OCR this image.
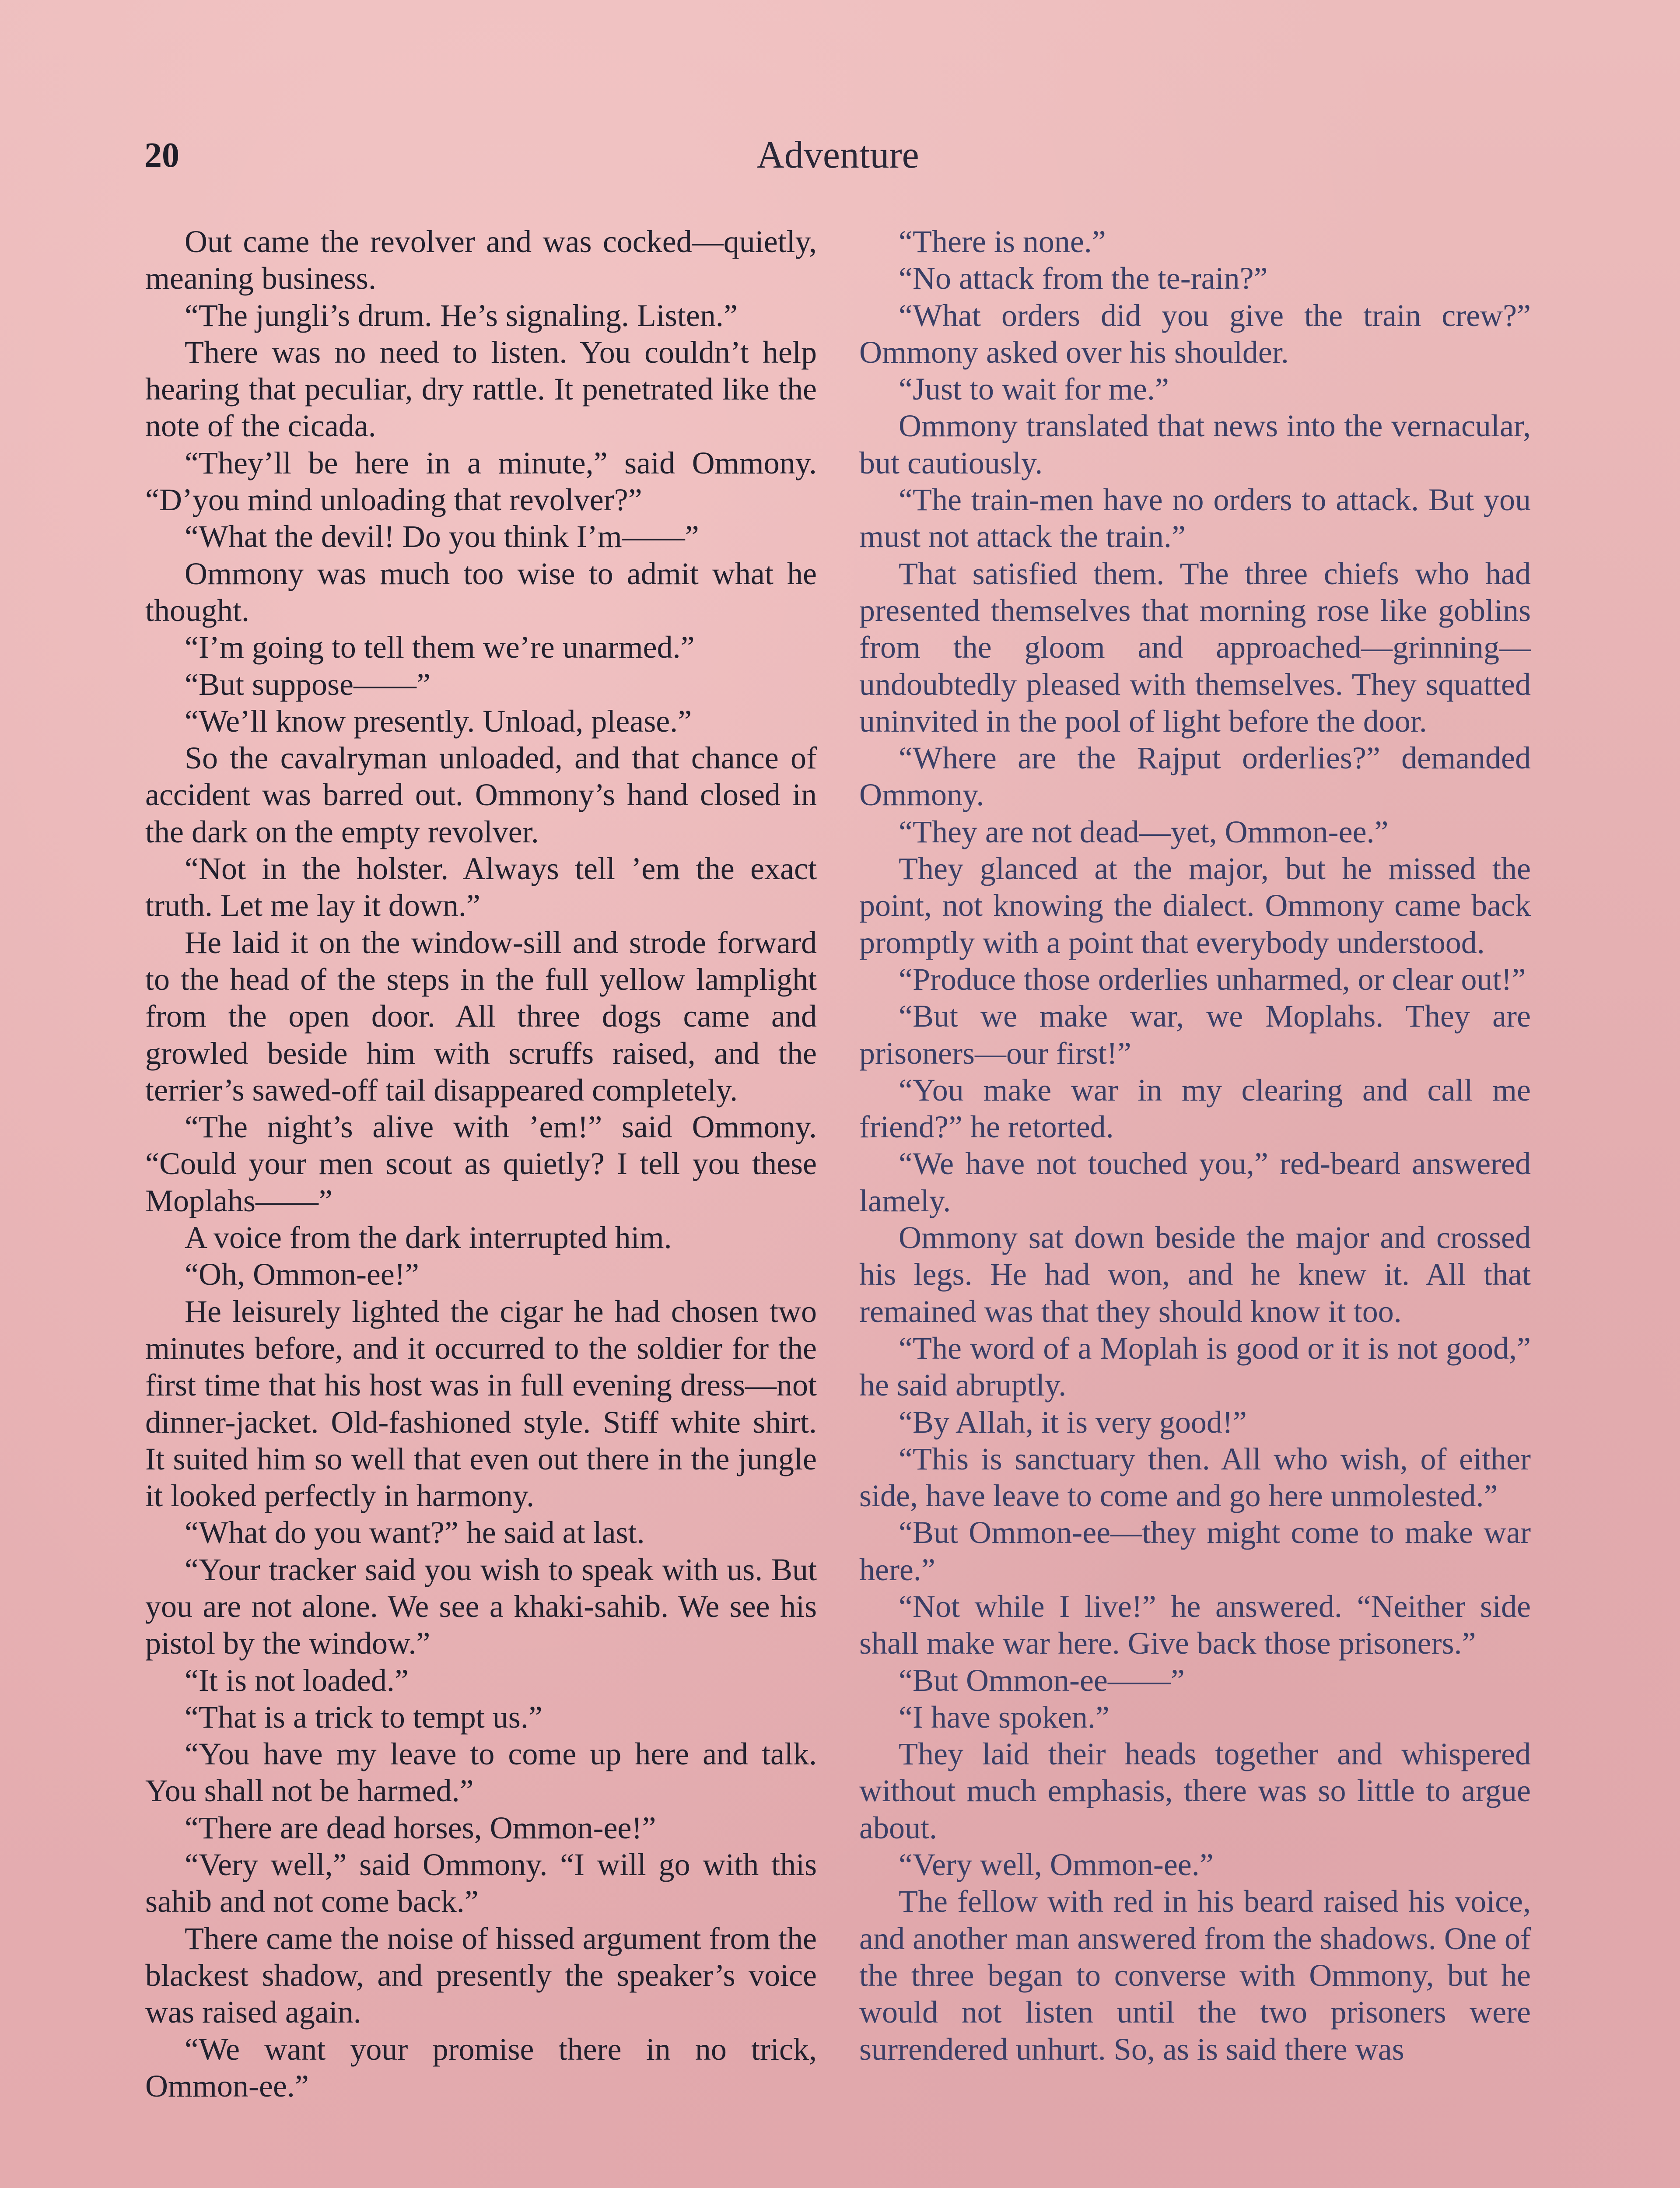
20	Adventure

Out came the revolver and was cocked—quietly, meaning business.

“The jungli’s drum. He’s signaling. Listen.”

There was no need to listen. You couldn’t help hearing that peculiar, dry rattle. It penetrated like the note of the cicada.

“They’ll be here in a minute,” said Ommony. “D’you mind unloading that revolver?”

“What the devil! Do you think I’m——”

Ommony was much too wise to admit what he thought.

“I’m going to tell them we’re unarmed.”

“But suppose——”

“We’ll know presently. Unload, please.”

So the cavalryman unloaded, and that chance of accident was barred out. Ommony’s hand closed in the dark on the empty revolver.

“Not in the holster. Always tell ’em the exact truth. Let me lay it down.”

He laid it on the window-sill and strode forward to the head of the steps in the full yellow lamplight from the open door. All three dogs came and growled beside him with scruffs raised, and the terrier’s sawed-off tail disappeared completely.

“The night’s alive with ’em!” said Ommony. “Could your men scout as quietly? I tell you these Moplahs——”

A voice from the dark interrupted him.

“Oh, Ommon-ee!”

He leisurely lighted the cigar he had chosen two minutes before, and it occurred to the soldier for the first time that his host was in full evening dress—not dinner-jacket. Old-fashioned style. Stiff white shirt. It suited him so well that even out there in the jungle it looked perfectly in harmony.

“What do you want?” he said at last.

“Your tracker said you wish to speak with us. But you are not alone. We see a khaki-sahib. We see his pistol by the window.”

“It is not loaded.”

“That is a trick to tempt us.”

“You have my leave to come up here and talk. You shall not be harmed.”

“There are dead horses, Ommon-ee!”

“Very well,” said Ommony. “I will go with this sahib and not come back.”

There came the noise of hissed argument from the blackest shadow, and presently the speaker’s voice was raised again.

“We want your promise there in no trick, Ommon-ee.”

“There is none.”

“No attack from the te-rain?”

“What orders did you give the train crew?” Ommony asked over his shoulder.

“Just to wait for me.”

Ommony translated that news into the vernacular, but cautiously.

“The train-men have no orders to attack. But you must not attack the train.”

That satisfied them. The three chiefs who had presented themselves that morning rose like goblins from the gloom and approached—grinning—undoubtedly pleased with themselves. They squatted uninvited in the pool of light before the door.

“Where are the Rajput orderlies?” demanded Ommony.

“They are not dead—yet, Ommon-ee.”

They glanced at the major, but he missed the point, not knowing the dialect. Ommony came back promptly with a point that everybody understood.

“Produce those orderlies unharmed, or clear out!”

“But we make war, we Moplahs. They are prisoners—our first!”

“You make war in my clearing and call me friend?” he retorted.

“We have not touched you,” red-beard answered lamely.

Ommony sat down beside the major and crossed his legs. He had won, and he knew it. All that remained was that they should know it too.

“The word of a Moplah is good or it is not good,” he said abruptly.

“By Allah, it is very good!”

“This is sanctuary then. All who wish, of either side, have leave to come and go here unmolested.”

“But Ommon-ee—they might come to make war here.”

“Not while I live!” he answered. “Neither side shall make war here. Give back those prisoners.”

“But Ommon-ee——”

“I have spoken.”

They laid their heads together and whispered without much emphasis, there was so little to argue about.

“Very well, Ommon-ee.”

The fellow with red in his beard raised his voice, and another man answered from the shadows. One of the three began to converse with Ommony, but he would not listen until the two prisoners were surrendered unhurt. So, as is said there was
